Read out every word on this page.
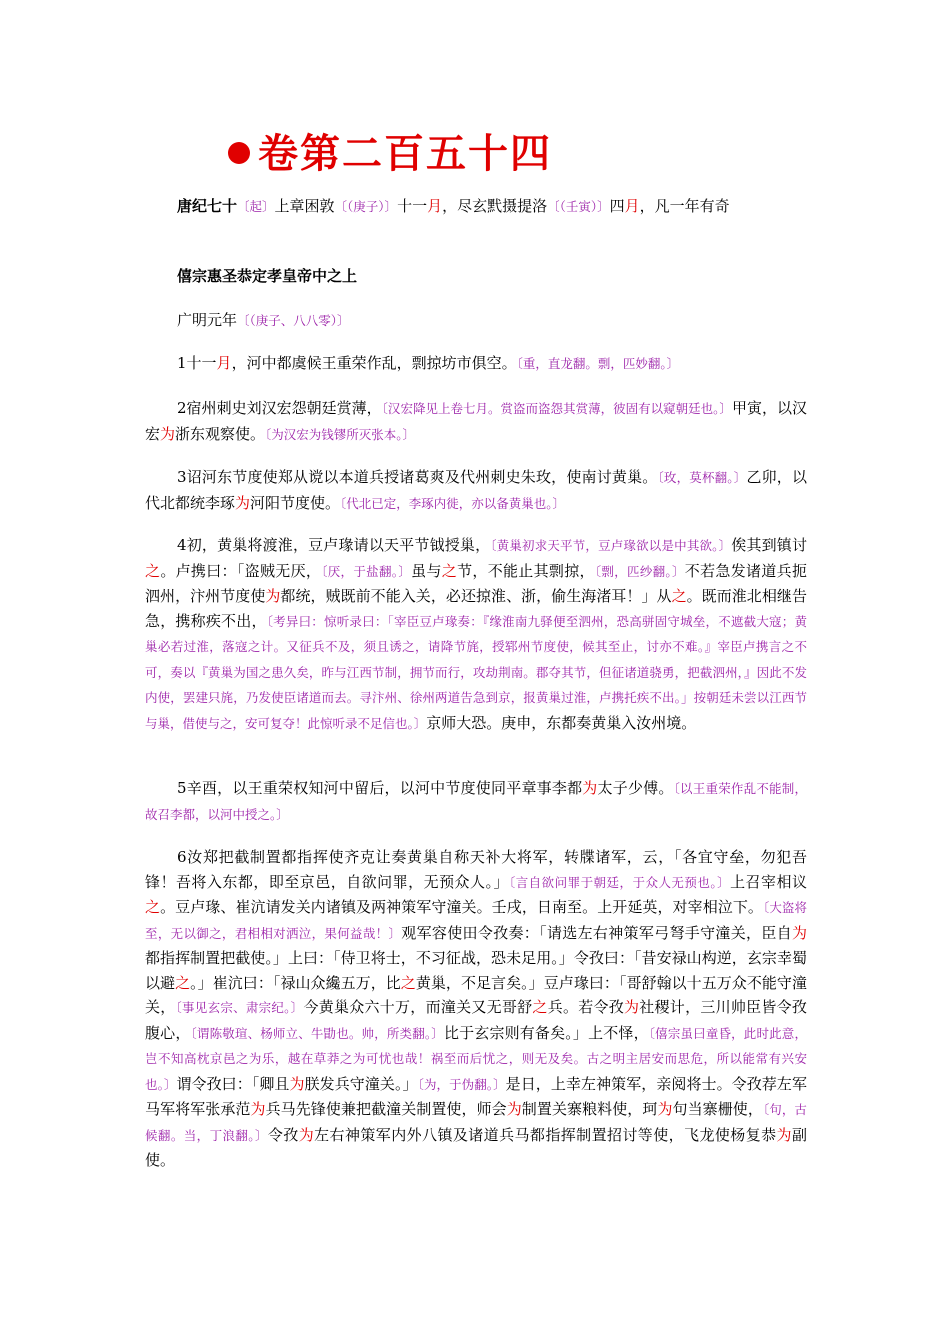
卷第二百五十四
唐纪七十〔起〕上章困敦〔（庚子）〕十一月，尽玄黓摄提洛〔（壬寅）〕四月，凡一年有奇
僖宗惠圣恭定孝皇帝中之上
广明元年〔（庚子、八八零）〕
1十一月，河中都虞候王重荣作乱，剽掠坊市俱空。〔重，直龙翻。剽，匹妙翻。〕
2宿州刺史刘汉宏怨朝廷赏薄，〔汉宏降见上卷七月。赏盗而盗怨其赏薄，彼固有以窥朝廷也。〕甲寅，以汉宏为浙东观察使。〔为汉宏为钱镠所灭张本。〕
3诏河东节度使郑从谠以本道兵授诸葛爽及代州刺史朱玫，使南讨黄巢。〔玫，莫杯翻。〕乙卯，以代北都统李琢为河阳节度使。〔代北已定，李琢内徙，亦以备黄巢也。〕
4初，黄巢将渡淮，豆卢瑑请以天平节钺授巢，〔黄巢初求天平节，豆卢瑑欲以是中其欲。〕俟其到镇讨之。卢携曰：「盗贼无厌，〔厌，于盐翻。〕虽与之节，不能止其剽掠，〔剽，匹纱翻。〕不若急发诸道兵扼泗州，汴州节度使为都统，贼既前不能入关，必还掠淮、浙，偷生海渚耳！」从之。既而淮北相继告急，携称疾不出，〔考异曰：惊听录曰：「宰臣豆卢瑑奏：『缘淮南九驿便至泗州，恐高骈固守城垒，不遮截大寇；黄巢必若过淮，落寇之计。又征兵不及，须且诱之，请降节旄，授郓州节度使，候其至止，讨亦不难。』宰臣卢携言之不可，奏以『黄巢为国之患久矣，昨与江西节制，拥节而行，攻劫荆南。郡夺其节，但征诸道骁勇，把截泗州，』因此不发内使，罢建只旄，乃发使臣诸道而去。寻汴州、徐州两道告急到京，报黄巢过淮，卢携托疾不出。」按朝廷未尝以江西节与巢，借使与之，安可复夺！此惊听录不足信也。〕京师大恐。庚申，东都奏黄巢入汝州境。
5辛酉，以王重荣权知河中留后，以河中节度使同平章事李都为太子少傅。〔以王重荣作乱不能制，故召李都，以河中授之。〕
6汝郑把截制置都指挥使齐克让奏黄巢自称天补大将军，转牒诸军，云，「各宜守垒，勿犯吾锋！吾将入东都，即至京邑，自欲问罪，无预众人。」〔言自欲问罪于朝廷，于众人无预也。〕上召宰相议之。豆卢瑑、崔沆请发关内诸镇及两神策军守潼关。壬戌，日南至。上开延英，对宰相泣下。〔大盗将至，无以御之，君相相对洒泣，果何益哉！〕观军容使田令孜奏：「请选左右神策军弓弩手守潼关，臣自为都指挥制置把截使。」上曰：「侍卫将士，不习征战，恐未足用。」令孜曰：「昔安禄山构逆，玄宗幸蜀以避之。」崔沆曰：「禄山众纔五万，比之黄巢，不足言矣。」豆卢瑑曰：「哥舒翰以十五万众不能守潼关，〔事见玄宗、肃宗纪。〕今黄巢众六十万，而潼关又无哥舒之兵。若令孜为社稷计，三川帅臣皆令孜腹心，〔谓陈敬瑄、杨师立、牛勖也。帅，所类翻。〕比于玄宗则有备矣。」上不怿，〔僖宗虽曰童昏，此时此意，岂不知高枕京邑之为乐，越在草莽之为可忧也哉！祸至而后忧之，则无及矣。古之明主居安而思危，所以能常有兴安也。〕谓令孜曰：「卿且为朕发兵守潼关。」〔为，于伪翻。〕是日，上幸左神策军，亲阅将士。令孜荐左军马军将军张承范为兵马先锋使兼把截潼关制置使，师会为制置关寨粮料使，珂为句当寨栅使，〔句，古候翻。当，丁浪翻。〕令孜为左右神策军内外八镇及诸道兵马都指挥制置招讨等使，飞龙使杨复恭为副使。
